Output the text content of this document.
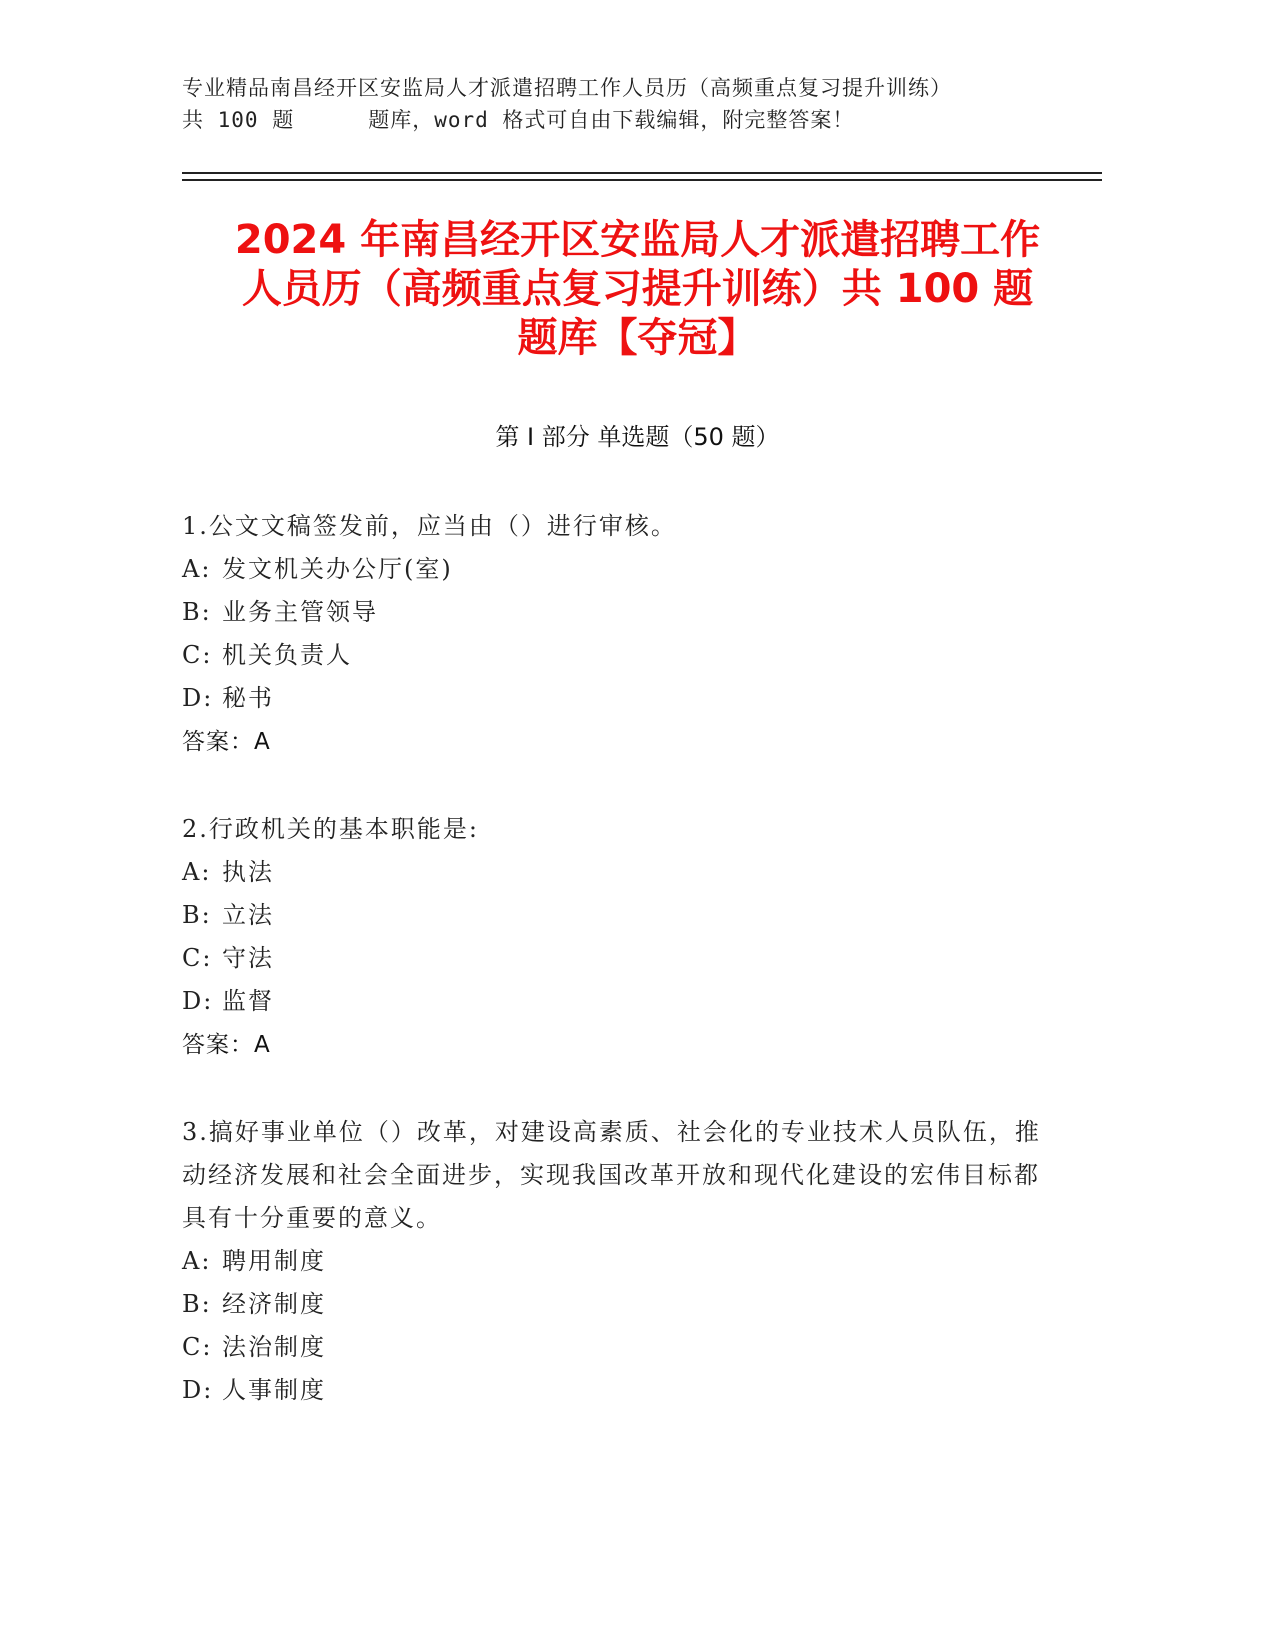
专业精品南昌经开区安监局人才派遣招聘工作人员历（高频重点复习提升训练）
共 100 题	题库，word 格式可自由下载编辑，附完整答案！
2024 年南昌经开区安监局人才派遣招聘工作
人员历（高频重点复习提升训练）共 100 题
题库【夺冠】
第 I 部分 单选题（50 题）
1.公文文稿签发前，应当由（）进行审核。
A: 发文机关办公厅(室)
B: 业务主管领导
C: 机关负责人
D: 秘书
答案：A
2.行政机关的基本职能是:
A: 执法
B: 立法
C: 守法
D: 监督
答案：A
3.搞好事业单位（）改革，对建设高素质、社会化的专业技术人员队伍，推动经济发展和社会全面进步，实现我国改革开放和现代化建设的宏伟目标都具有十分重要的意义。
A: 聘用制度
B: 经济制度
C: 法治制度
D: 人事制度
